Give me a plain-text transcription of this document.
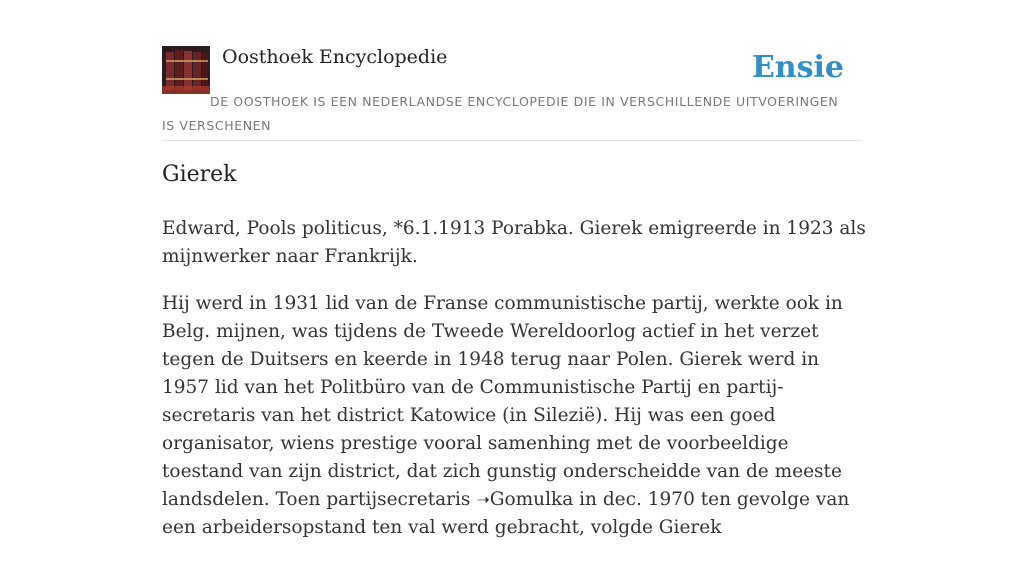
Oosthoek Encyclopedie	Ensie
DE OOSTHOEK IS EEN NEDERLANDSE ENCYCLOPEDIE DIE IN VERSCHILLENDE UITVOERINGEN IS VERSCHENEN
Gierek

Edward, Pools politicus, *6.1.1913 Porabka. Gierek emigreerde in 1923 als mijnwerker naar Frankrijk.

Hij werd in 1931 lid van de Franse communistische partij, werkte ook in Belg. mijnen, was tijdens de Tweede Wereldoorlog actief in het verzet tegen de Duitsers en keerde in 1948 terug naar Polen. Gierek werd in 1957 lid van het Politbüro van de Communistische Partij en partij-secretaris van het district Katowice (in Silezië). Hij was een goed organisator, wiens prestige vooral samenhing met de voorbeeldige toestand van zijn district, dat zich gunstig onderscheidde van de meeste landsdelen. Toen partijsecretaris ➝Gomulka in dec. 1970 ten gevolge van een arbeidersopstand ten val werd gebracht, volgde Gierek
